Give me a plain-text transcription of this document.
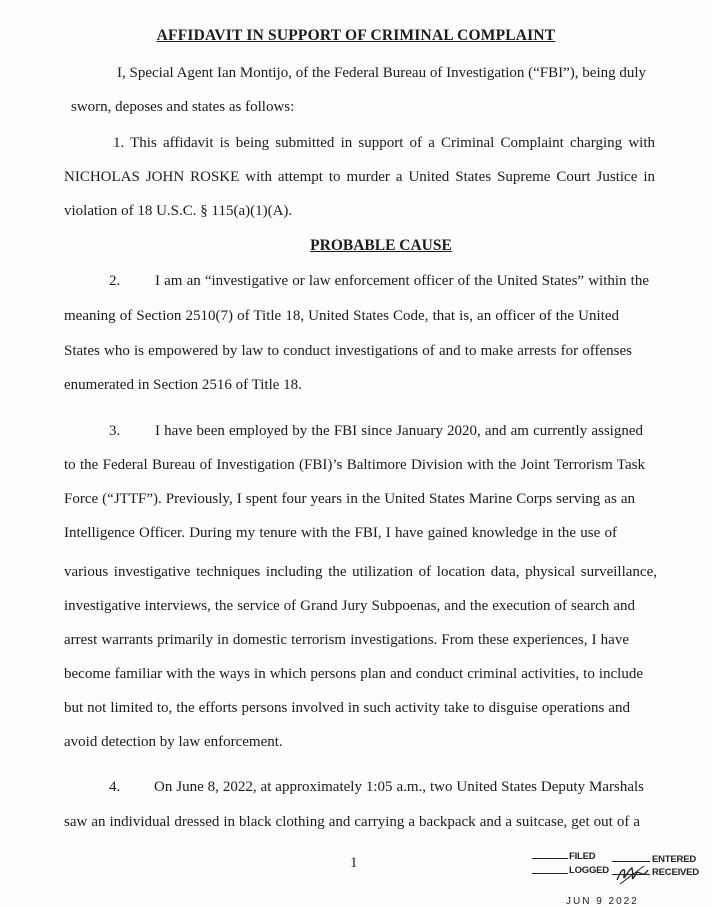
AFFIDAVIT IN SUPPORT OF CRIMINAL COMPLAINT
I, Special Agent Ian Montijo, of the Federal Bureau of Investigation (“FBI”), being duly
sworn, deposes and states as follows:
1. This affidavit is being submitted in support of a Criminal Complaint charging with
NICHOLAS JOHN ROSKE with attempt to murder a United States Supreme Court Justice in
violation of 18 U.S.C. § 115(a)(1)(A).
PROBABLE CAUSE
2. I am an “investigative or law enforcement officer of the United States” within the
meaning of Section 2510(7) of Title 18, United States Code, that is, an officer of the United
States who is empowered by law to conduct investigations of and to make arrests for offenses
enumerated in Section 2516 of Title 18.
3. I have been employed by the FBI since January 2020, and am currently assigned
to the Federal Bureau of Investigation (FBI)’s Baltimore Division with the Joint Terrorism Task
Force (“JTTF”). Previously, I spent four years in the United States Marine Corps serving as an
Intelligence Officer. During my tenure with the FBI, I have gained knowledge in the use of
various investigative techniques including the utilization of location data, physical surveillance,
investigative interviews, the service of Grand Jury Subpoenas, and the execution of search and
arrest warrants primarily in domestic terrorism investigations. From these experiences, I have
become familiar with the ways in which persons plan and conduct criminal activities, to include
but not limited to, the efforts persons involved in such activity take to disguise operations and
avoid detection by law enforcement.
4. On June 8, 2022, at approximately 1:05 a.m., two United States Deputy Marshals
saw an individual dressed in black clothing and carrying a backpack and a suitcase, get out of a
1	FILED
LOGGED
ENTERED
RECEIVED
JUN 9 2022
